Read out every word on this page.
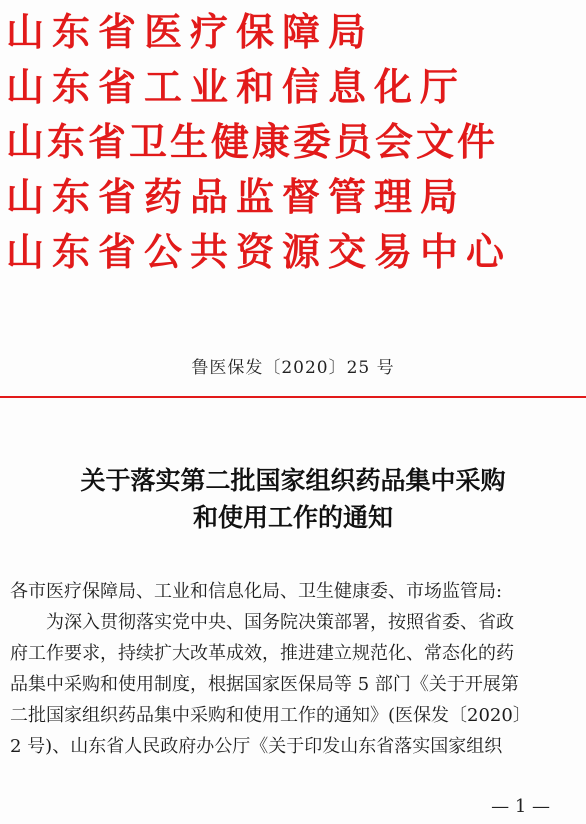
山东省医疗保障局
山东省工业和信息化厅
山东省卫生健康委员会文件
山东省药品监督管理局
山东省公共资源交易中心
鲁医保发〔2020〕25 号
关于落实第二批国家组织药品集中采购
和使用工作的通知
各市医疗保障局、工业和信息化局、卫生健康委、市场监管局:
为深入贯彻落实党中央、国务院决策部署，按照省委、省政
府工作要求，持续扩大改革成效，推进建立规范化、常态化的药
品集中采购和使用制度，根据国家医保局等 5 部门《关于开展第
二批国家组织药品集中采购和使用工作的通知》(医保发〔2020〕
2 号)、山东省人民政府办公厅《关于印发山东省落实国家组织
— 1 —
